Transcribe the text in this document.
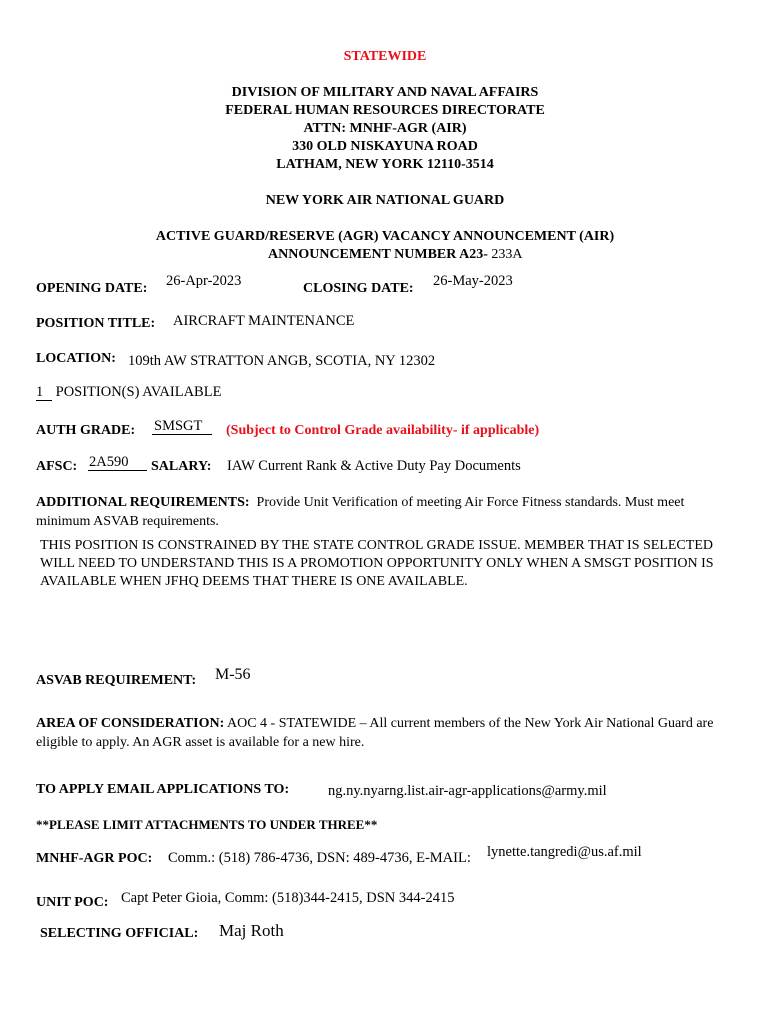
STATEWIDE
DIVISION OF MILITARY AND NAVAL AFFAIRS
FEDERAL HUMAN RESOURCES DIRECTORATE
ATTN: MNHF-AGR (AIR)
330 OLD NISKAYUNA ROAD
LATHAM, NEW YORK 12110-3514
NEW YORK AIR NATIONAL GUARD
ACTIVE GUARD/RESERVE (AGR) VACANCY ANNOUNCEMENT (AIR)
ANNOUNCEMENT NUMBER A23- 233A
OPENING DATE: 26-Apr-2023	CLOSING DATE: 26-May-2023
POSITION TITLE: AIRCRAFT MAINTENANCE
LOCATION: 109th AW STRATTON ANGB, SCOTIA, NY 12302
1 POSITION(S) AVAILABLE
AUTH GRADE: SMSGT	(Subject to Control Grade availability- if applicable)
AFSC: 2A590	SALARY: IAW Current Rank & Active Duty Pay Documents
ADDITIONAL REQUIREMENTS: Provide Unit Verification of meeting Air Force Fitness standards. Must meet minimum ASVAB requirements.
THIS POSITION IS CONSTRAINED BY THE STATE CONTROL GRADE ISSUE. MEMBER THAT IS SELECTED WILL NEED TO UNDERSTAND THIS IS A PROMOTION OPPORTUNITY ONLY WHEN A SMSGT POSITION IS AVAILABLE WHEN JFHQ DEEMS THAT THERE IS ONE AVAILABLE.
ASVAB REQUIREMENT: M-56
AREA OF CONSIDERATION: AOC 4 - STATEWIDE – All current members of the New York Air National Guard are eligible to apply. An AGR asset is available for a new hire.
TO APPLY EMAIL APPLICATIONS TO:	ng.ny.nyarng.list.air-agr-applications@army.mil
**PLEASE LIMIT ATTACHMENTS TO UNDER THREE**
MNHF-AGR POC: Comm.: (518) 786-4736, DSN: 489-4736, E-MAIL: lynette.tangredi@us.af.mil
UNIT POC: Capt Peter Gioia, Comm: (518)344-2415, DSN 344-2415
SELECTING OFFICIAL: Maj Roth
